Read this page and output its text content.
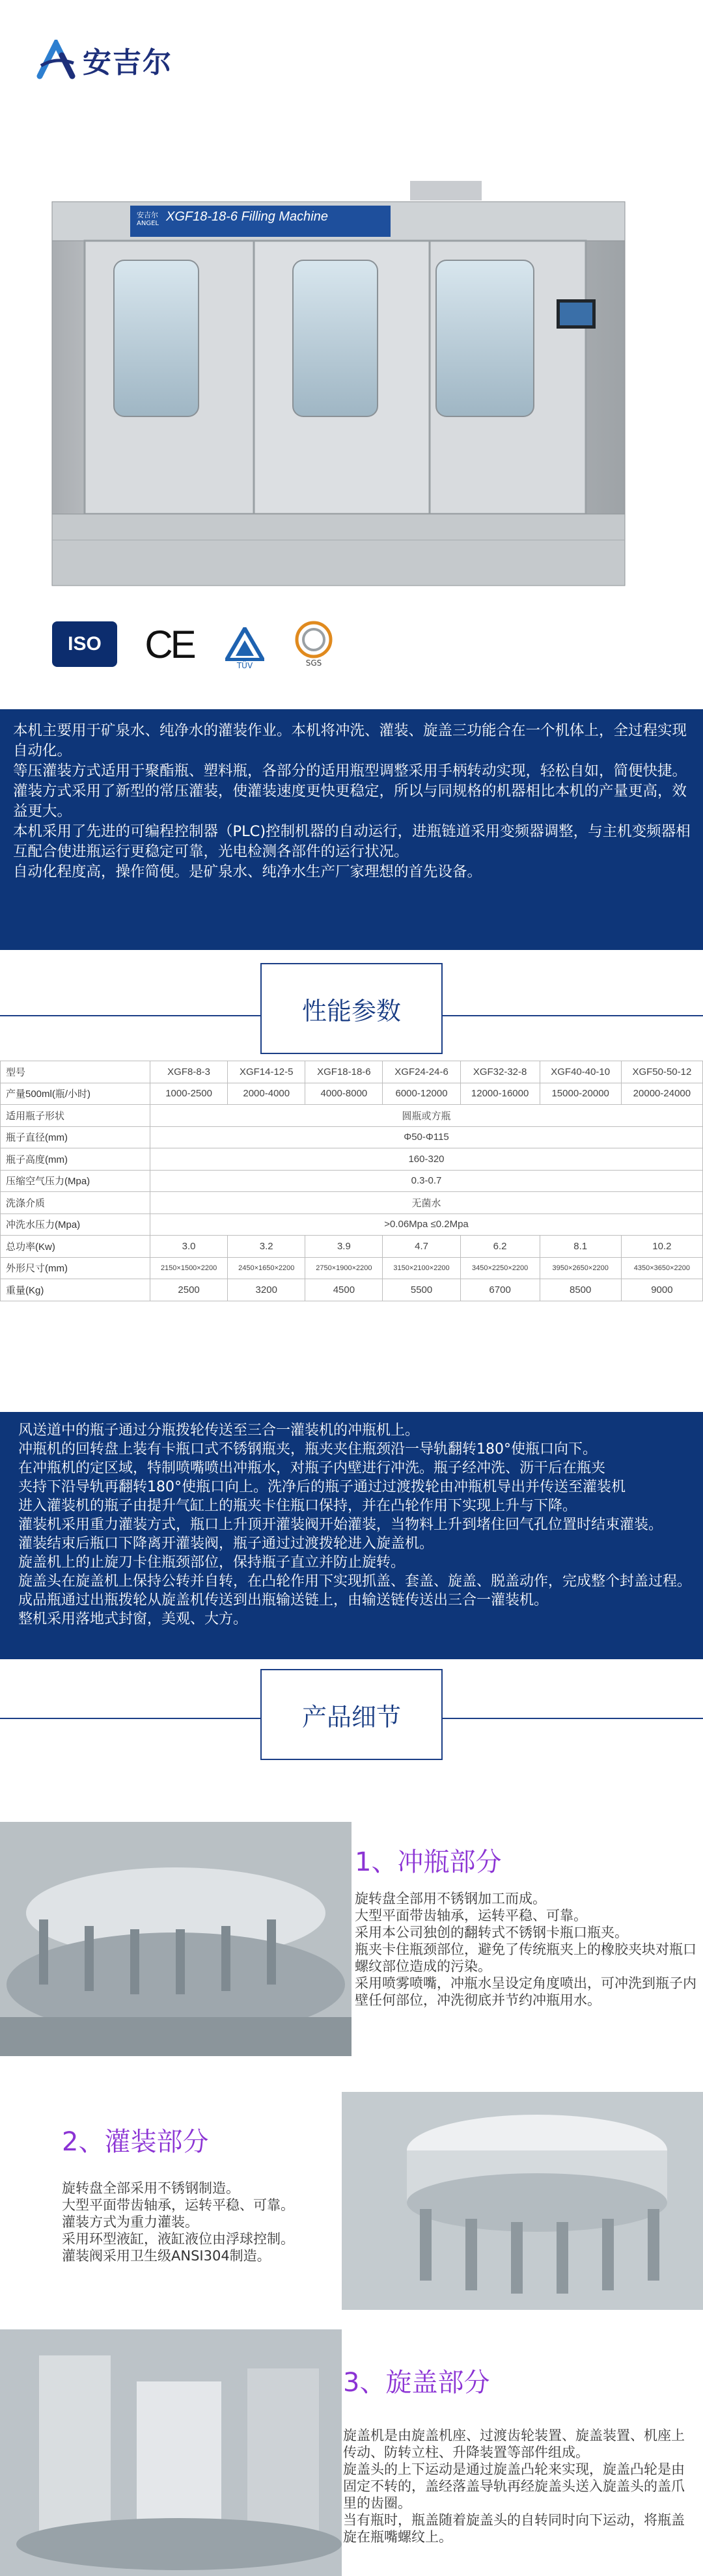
安吉尔
XGF18-18-6 Filling Machine
安吉尔
ANGEL
ISO CE	TÜV	SGS

本机主要用于矿泉水、纯净水的灌装作业。本机将冲洗、灌装、旋盖三功能合在一个机体上，全过程实现自动化。

等压灌装方式适用于聚酯瓶、塑料瓶，各部分的适用瓶型调整采用手柄转动实现，轻松自如，简便快捷。

灌装方式采用了新型的常压灌装，使灌装速度更快更稳定，所以与同规格的机器相比本机的产量更高，效益更大。

本机采用了先进的可编程控制器（PLC)控制机器的自动运行，进瓶链道采用变频器调整，与主机变频器相互配合使进瓶运行更稳定可靠，光电检测各部件的运行状况。

自动化程度高，操作简便。是矿泉水、纯净水生产厂家理想的首先设备。

性能参数
型号	XGF8-8-3	XGF14-12-5	XGF18-18-6	XGF24-24-6	XGF32-32-8	XGF40-40-10	XGF50-50-12
产量500ml(瓶/小时)	1000-2500	2000-4000	4000-8000	6000-12000	12000-16000	15000-20000	20000-24000
适用瓶子形状	圆瓶或方瓶						
瓶子直径(mm)	Φ50-Φ115						
瓶子高度(mm)	160-320						
压缩空气压力(Mpa)	0.3-0.7						
洗涤介质	无菌水						
冲洗水压力(Mpa)	>0.06Mpa ≤0.2Mpa						
总功率(Kw)	3.0	3.2	3.9	4.7	6.2	8.1	10.2
外形尺寸(mm)	2150×1500×2200	2450×1650×2200	2750×1900×2200	3150×2100×2200	3450×2250×2200	3950×2650×2200	4350×3650×2200
重量(Kg)	2500	3200	4500	5500	6700	8500	9000

风送道中的瓶子通过分瓶拨轮传送至三合一灌装机的冲瓶机上。

冲瓶机的回转盘上装有卡瓶口式不锈钢瓶夹，瓶夹夹住瓶颈沿一导轨翻转180°使瓶口向下。

在冲瓶机的定区域，特制喷嘴喷出冲瓶水，对瓶子内壁进行冲洗。瓶子经冲洗、沥干后在瓶夹

夹持下沿导轨再翻转180°使瓶口向上。洗净后的瓶子通过过渡拨轮由冲瓶机导出并传送至灌装机

进入灌装机的瓶子由提升气缸上的瓶夹卡住瓶口保持，并在凸轮作用下实现上升与下降。

灌装机采用重力灌装方式，瓶口上升顶开灌装阀开始灌装，当物料上升到堵住回气孔位置时结束灌装。

灌装结束后瓶口下降离开灌装阀，瓶子通过过渡拨轮进入旋盖机。

旋盖机上的止旋刀卡住瓶颈部位，保持瓶子直立并防止旋转。

旋盖头在旋盖机上保持公转并自转，在凸轮作用下实现抓盖、套盖、旋盖、脱盖动作，完成整个封盖过程。

成品瓶通过出瓶拨轮从旋盖机传送到出瓶输送链上，由输送链传送出三合一灌装机。

整机采用落地式封窗，美观、大方。

产品细节
1、冲瓶部分

旋转盘全部用不锈钢加工而成。

大型平面带齿轴承，运转平稳、可靠。

采用本公司独创的翻转式不锈钢卡瓶口瓶夹。

瓶夹卡住瓶颈部位，避免了传统瓶夹上的橡胶夹块对瓶口螺纹部位造成的污染。

采用喷雾喷嘴，冲瓶水呈设定角度喷出，可冲洗到瓶子内壁任何部位，冲洗彻底并节约冲瓶用水。

2、灌装部分

旋转盘全部采用不锈钢制造。

大型平面带齿轴承，运转平稳、可靠。

灌装方式为重力灌装。

采用环型液缸，液缸液位由浮球控制。

灌装阀采用卫生级ANSI304制造。

3、旋盖部分

旋盖机是由旋盖机座、过渡齿轮装置、旋盖装置、机座上传动、防转立柱、升降装置等部件组成。

旋盖头的上下运动是通过旋盖凸轮来实现，旋盖凸轮是由固定不转的，盖经落盖导轨再经旋盖头送入旋盖头的盖爪里的齿圈。

当有瓶时，瓶盖随着旋盖头的自转同时向下运动，将瓶盖旋在瓶嘴螺纹上。
